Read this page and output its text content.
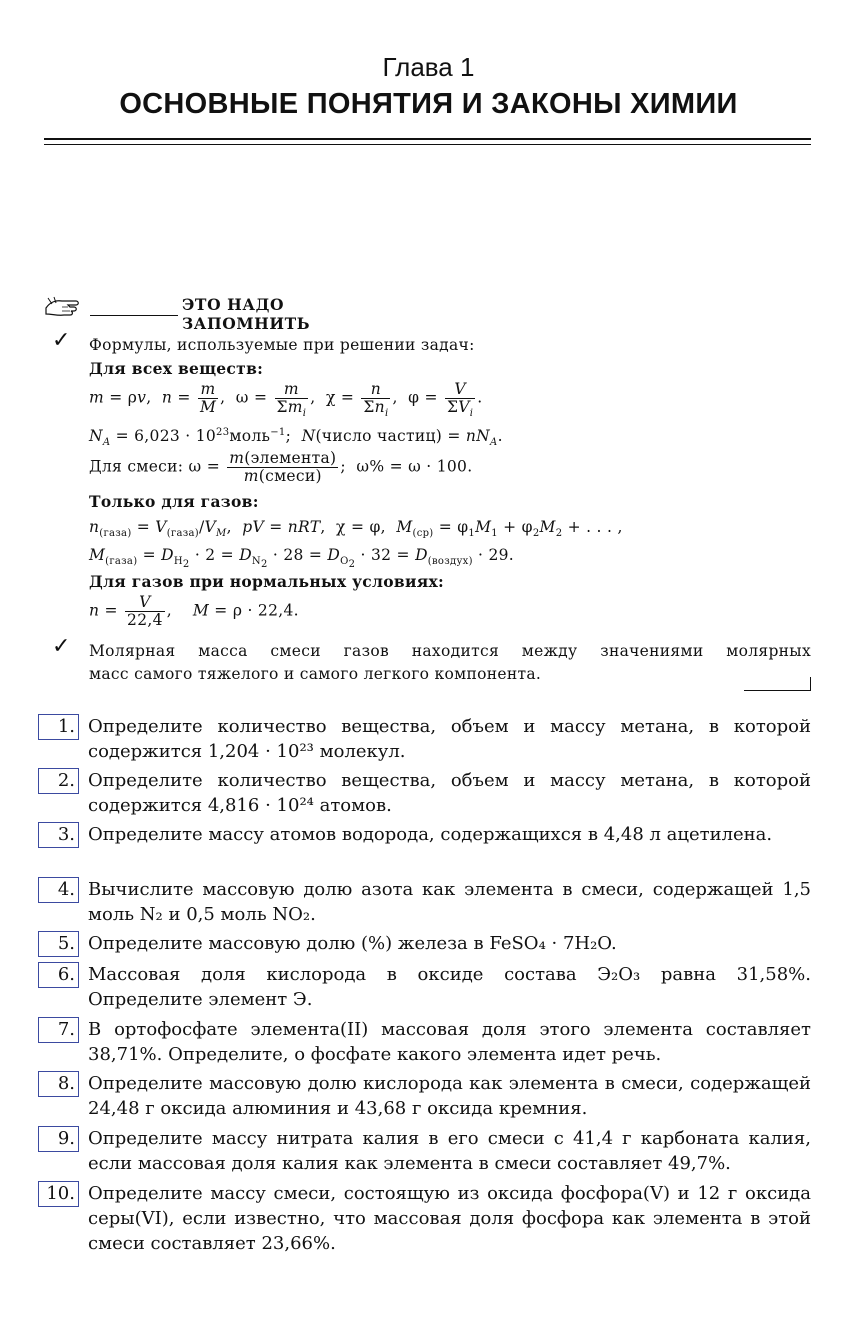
Глава 1
ОСНОВНЫЕ ПОНЯТИЯ И ЗАКОНЫ ХИМИИ
ЭТО НАДО ЗАПОМНИТЬ
✓ Формулы, используемые при решении задач:
Для всех веществ:
m = ρv,  $n = \frac{m}{M}$ ,  $\omega = \frac{m}{\Sigma m_i}$ ,  $\chi = \frac{n}{\Sigma n_i}$ ,  $\varphi = \frac{V}{\Sigma V_i}$ .
$N_A = 6,023$ · $10^{23}моль^{-1}$;  N(число частиц) = $nN_A$.
Для смеси: $\omega = \frac{\text{m(элемента)}}{\text{m(смеси)}}$ ;  ω% = ω · 100.
Только для газов:
$n_{(газа)} = V_{(газа)}/V_M$,  pV = nRT,  χ = φ,  $M_{(ср)} = \varphi_1M_1 + \varphi_2M_2$ + . . . ,
$M_{(газа)} = D_{H_2} \cdot 2 = D_{N_2} \cdot 28 = D_{O_2} \cdot 32 = D_{(воздух)} \cdot 29$.
Для газов при нормальных условиях:
$n = \frac{V}{22,4}$ ,    M = ρ · 22,4.
✓ Молярная масса смеси газов находится между значениями молярных
масс самого тяжелого и самого легкого компонента.
1. Определите количество вещества, объем и массу метана, в которой содержится 1,204 · 10²³ молекул.
2. Определите количество вещества, объем и массу метана, в которой содержится 4,816 · 10²⁴ атомов.
3. Определите массу атомов водорода, содержащихся в 4,48 л ацетилена.
4. Вычислите массовую долю азота как элемента в смеси, содержащей 1,5 моль N₂ и 0,5 моль NO₂.
5. Определите массовую долю (%) железа в FeSO₄ · 7H₂O.
6. Массовая доля кислорода в оксиде состава Э₂O₃ равна 31,58%. Определите элемент Э.
7. В ортофосфате элемента(II) массовая доля этого элемента составляет 38,71%. Определите, о фосфате какого элемента идет речь.
8. Определите массовую долю кислорода как элемента в смеси, содержащей 24,48 г оксида алюминия и 43,68 г оксида кремния.
9. Определите массу нитрата калия в его смеси с 41,4 г карбоната калия, если массовая доля калия как элемента в смеси составляет 49,7%.
10. Определите массу смеси, состоящую из оксида фосфора(V) и 12 г оксида серы(VI), если известно, что массовая доля фосфора как элемента в этой смеси составляет 23,66%.
